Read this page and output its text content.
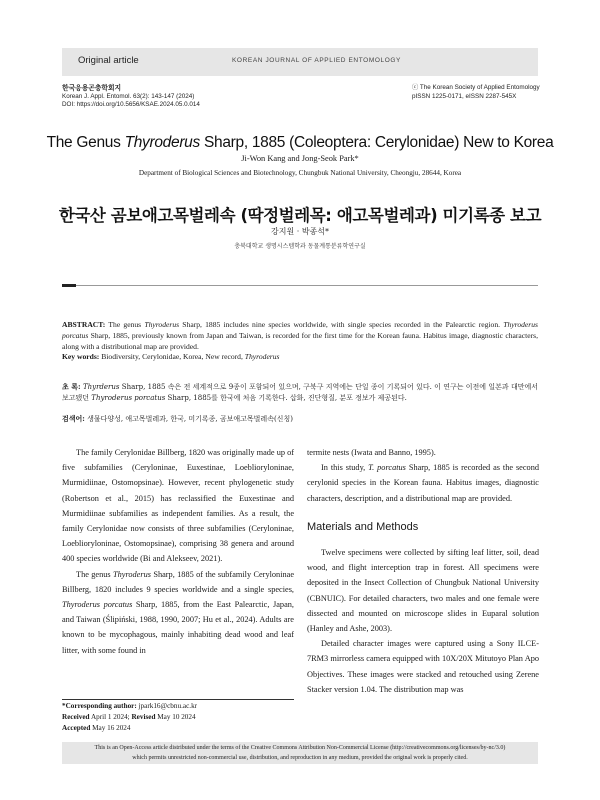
Original article	KOREAN JOURNAL OF APPLIED ENTOMOLOGY
한국응용곤충학회지
Korean J. Appl. Entomol. 63(2): 143-147 (2024)
DOI: https://doi.org/10.5656/KSAE.2024.05.0.014
ⓒ The Korean Society of Applied Entomology
pISSN 1225-0171, eISSN 2287-545X
The Genus Thyroderus Sharp, 1885 (Coleoptera: Cerylonidae) New to Korea
Ji-Won Kang and Jong-Seok Park*
Department of Biological Sciences and Biotechnology, Chungbuk National University, Cheongju, 28644, Korea
한국산 곰보애고목벌레속 (딱정벌레목: 애고목벌레과) 미기록종 보고
강지원 · 박종석*
충북대학교 생명시스템학과 동물계통분류학연구실
ABSTRACT: The genus Thyroderus Sharp, 1885 includes nine species worldwide, with single species recorded in the Palearctic region. Thyroderus porcatus Sharp, 1885, previously known from Japan and Taiwan, is recorded for the first time for the Korean fauna. Habitus image, diagnostic characters, along with a distributional map are provided.
Key words: Biodiversity, Cerylonidae, Korea, New record, Thyroderus
초 록: Thyrderus Sharp, 1885 속은 전 세계적으로 9종이 포함되어 있으며, 구북구 지역에는 단일 종이 기록되어 있다. 이 연구는 이전에 일본과 대만에서 보고됐던 Thyroderus porcatus Sharp, 1885를 한국에 처음 기록한다. 삽화, 진단형질, 분포 정보가 제공된다.
검색어: 생물다양성, 애고목벌레과, 한국, 미기록종, 곰보애고목벌레속(신칭)

The family Cerylonidae Billberg, 1820 was originally made up of five subfamilies (Ceryloninae, Euxestinae, Loeblioryloninae, Murmidiinae, Ostomopsinae). However, recent phylogenetic study (Robertson et al., 2015) has reclassified the Euxestinae and Murmidiinae subfamilies as independent families. As a result, the family Cerylonidae now consists of three subfamilies (Ceryloninae, Loeblioryloninae, Ostomopsinae), comprising 38 genera and around 400 species worldwide (Bi and Alekseev, 2021).

The genus Thyroderus Sharp, 1885 of the subfamily Ceryloninae Billberg, 1820 includes 9 species worldwide and a single species, Thyroderus porcatus Sharp, 1885, from the East Palearctic, Japan, and Taiwan (Ślipiński, 1988, 1990, 2007; Hu et al., 2024). Adults are known to be mycophagous, mainly inhabiting dead wood and leaf litter, with some found in

termite nests (Iwata and Banno, 1995).

In this study, T. porcatus Sharp, 1885 is recorded as the second cerylonid species in the Korean fauna. Habitus images, diagnostic characters, description, and a distributional map are provided.

Materials and Methods

Twelve specimens were collected by sifting leaf litter, soil, dead wood, and flight interception trap in forest. All specimens were deposited in the Insect Collection of Chungbuk National University (CBNUIC). For detailed characters, two males and one female were dissected and mounted on microscope slides in Euparal solution (Hanley and Ashe, 2003).

Detailed character images were captured using a Sony ILCE-7RM3 mirrorless camera equipped with 10X/20X Mitutoyo Plan Apo Objectives. These images were stacked and retouched using Zerene Stacker version 1.04. The distribution map was

*Corresponding author: jpark16@cbnu.ac.kr
Received April 1 2024; Revised May 10 2024
Accepted May 16 2024
This is an Open-Access article distributed under the terms of the Creative Commons Attribution Non-Commercial License (http://creativecommons.org/licenses/by-nc/3.0)
which permits unrestricted non-commercial use, distribution, and reproduction in any medium, provided the original work is properly cited.
